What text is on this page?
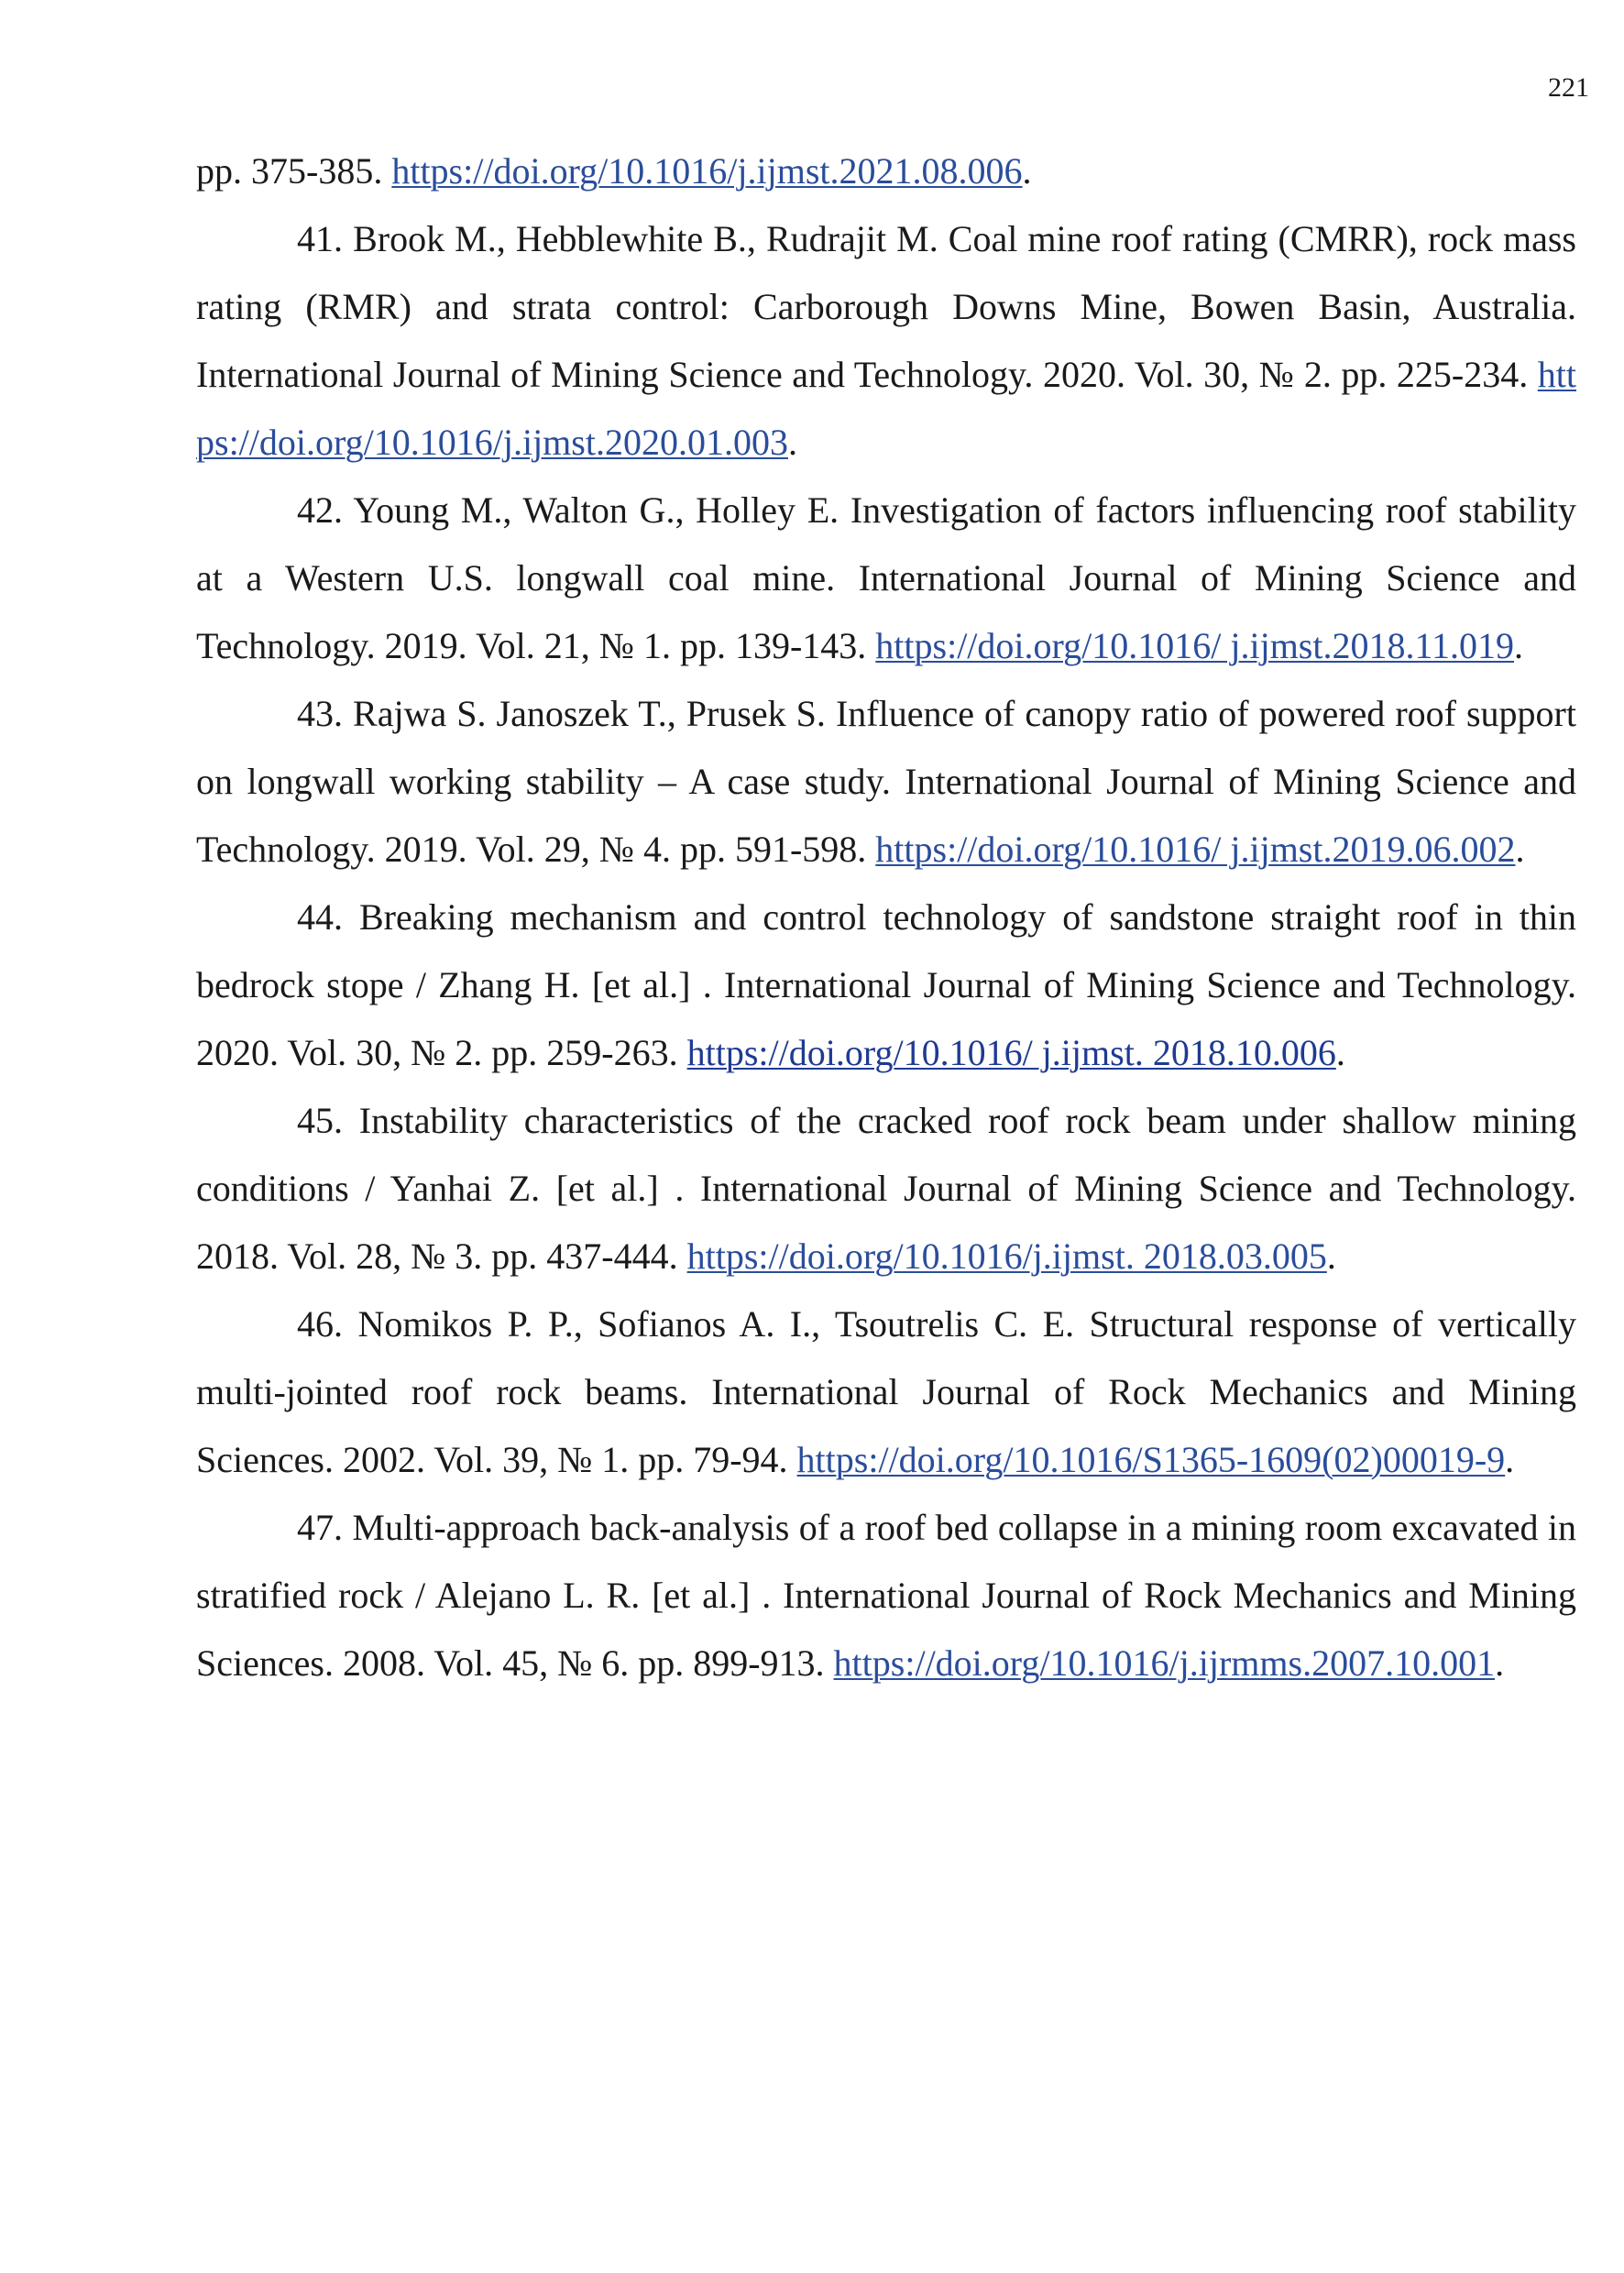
221

pp. 375-385. https://doi.org/10.1016/j.ijmst.2021.08.006.

41. Brook M., Hebblewhite B., Rudrajit M. Coal mine roof rating (CMRR), rock mass rating (RMR) and strata control: Carborough Downs Mine, Bowen Basin, Australia. International Journal of Mining Science and Technology. 2020. Vol. 30, № 2. pp. 225-234. https://doi.org/10.1016/j.ijmst.2020.01.003.

42. Young M., Walton G., Holley E. Investigation of factors influencing roof stability at a Western U.S. longwall coal mine. International Journal of Mining Science and Technology. 2019. Vol. 21, № 1. pp. 139-143. https://doi.org/10.1016/ j.ijmst.2018.11.019.

43. Rajwa S. Janoszek T., Prusek S. Influence of canopy ratio of powered roof support on longwall working stability – A case study. International Journal of Mining Science and Technology. 2019. Vol. 29, № 4. pp. 591-598. https://doi.org/10.1016/ j.ijmst.2019.06.002.

44. Breaking mechanism and control technology of sandstone straight roof in thin bedrock stope / Zhang H. [et al.] . International Journal of Mining Science and Technology. 2020. Vol. 30, № 2. pp. 259-263. https://doi.org/10.1016/ j.ijmst. 2018.10.006.

45. Instability characteristics of the cracked roof rock beam under shallow mining conditions / Yanhai Z. [et al.] . International Journal of Mining Science and Technology. 2018. Vol. 28, № 3. pp. 437-444. https://doi.org/10.1016/j.ijmst. 2018.03.005.

46. Nomikos P. P., Sofianos A. I., Tsoutrelis C. E. Structural response of vertically multi-jointed roof rock beams. International Journal of Rock Mechanics and Mining Sciences. 2002. Vol. 39, № 1. pp. 79-94. https://doi.org/10.1016/S1365-1609(02)00019-9.

47. Multi-approach back-analysis of a roof bed collapse in a mining room excavated in stratified rock / Alejano L. R. [et al.] . International Journal of Rock Mechanics and Mining Sciences. 2008. Vol. 45, № 6. pp. 899-913. https://doi.org/10.1016/j.ijrmms.2007.10.001.
